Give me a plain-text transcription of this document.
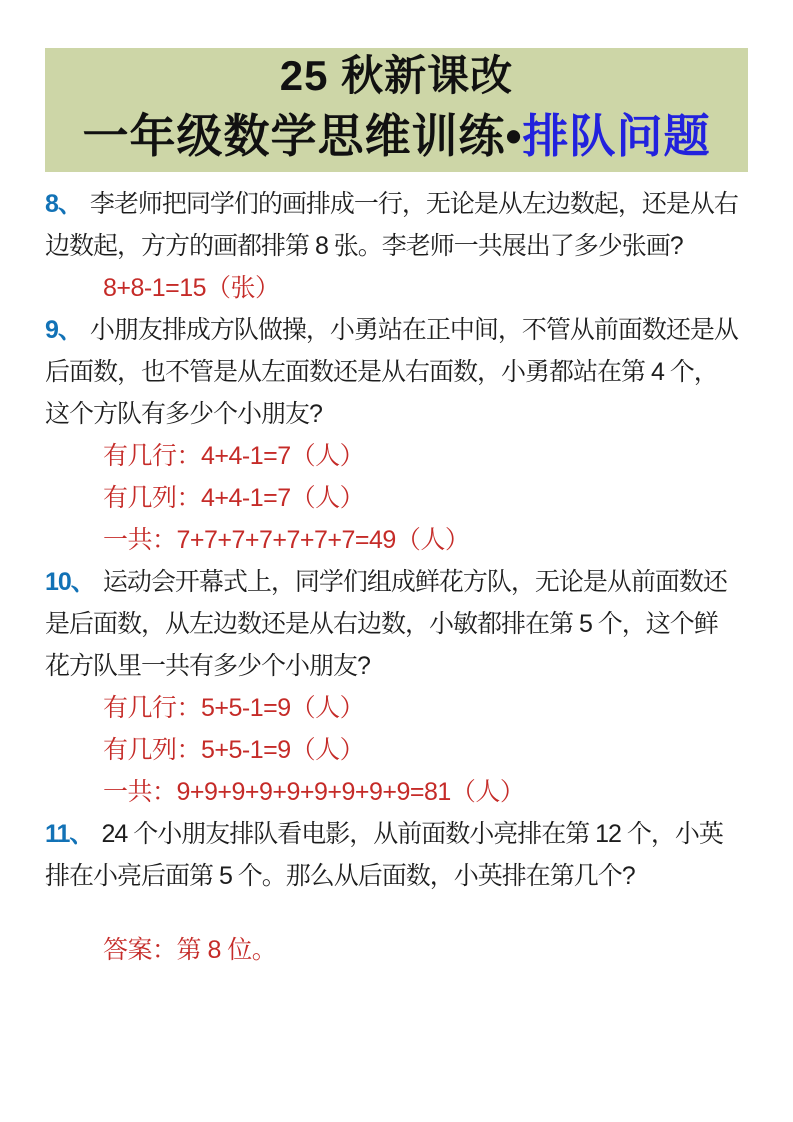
25 秋新课改
一年级数学思维训练•排队问题
8、 李老师把同学们的画排成一行，无论是从左边数起，还是从右
边数起，方方的画都排第 8 张。李老师一共展出了多少张画?
8+8-1=15（张）
9、 小朋友排成方队做操，小勇站在正中间，不管从前面数还是从
后面数，也不管是从左面数还是从右面数，小勇都站在第 4 个，
这个方队有多少个小朋友?
有几行：4+4-1=7（人）
有几列：4+4-1=7（人）
一共：7+7+7+7+7+7+7=49（人）
10、 运动会开幕式上，同学们组成鲜花方队，无论是从前面数还
是后面数，从左边数还是从右边数，小敏都排在第 5 个，这个鲜
花方队里一共有多少个小朋友?
有几行：5+5-1=9（人）
有几列：5+5-1=9（人）
一共：9+9+9+9+9+9+9+9+9=81（人）
11、 24 个小朋友排队看电影，从前面数小亮排在第 12 个，小英
排在小亮后面第 5 个。那么从后面数，小英排在第几个?
答案：第 8 位。
